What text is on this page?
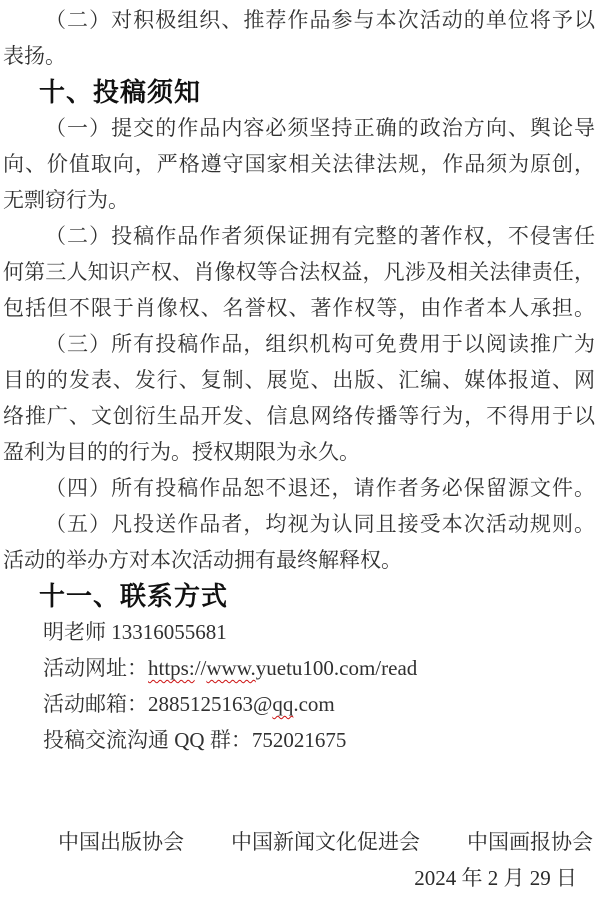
（二）对积极组织、推荐作品参与本次活动的单位将予以
表扬。
十、投稿须知
（一）提交的作品内容必须坚持正确的政治方向、舆论导
向、价值取向，严格遵守国家相关法律法规，作品须为原创，
无剽窃行为。
（二）投稿作品作者须保证拥有完整的著作权，不侵害任
何第三人知识产权、肖像权等合法权益，凡涉及相关法律责任，
包括但不限于肖像权、名誉权、著作权等，由作者本人承担。
（三）所有投稿作品，组织机构可免费用于以阅读推广为
目的的发表、发行、复制、展览、出版、汇编、媒体报道、网
络推广、文创衍生品开发、信息网络传播等行为，不得用于以
盈利为目的的行为。授权期限为永久。
（四）所有投稿作品恕不退还，请作者务必保留源文件。
（五）凡投送作品者，均视为认同且接受本次活动规则。
活动的举办方对本次活动拥有最终解释权。
十一、联系方式
明老师 13316055681
活动网址：https://www.yuetu100.com/read
活动邮箱：2885125163@qq.com
投稿交流沟通 QQ 群：752021675
中国出版协会 中国新闻文化促进会 中国画报协会
2024 年 2 月 29 日
